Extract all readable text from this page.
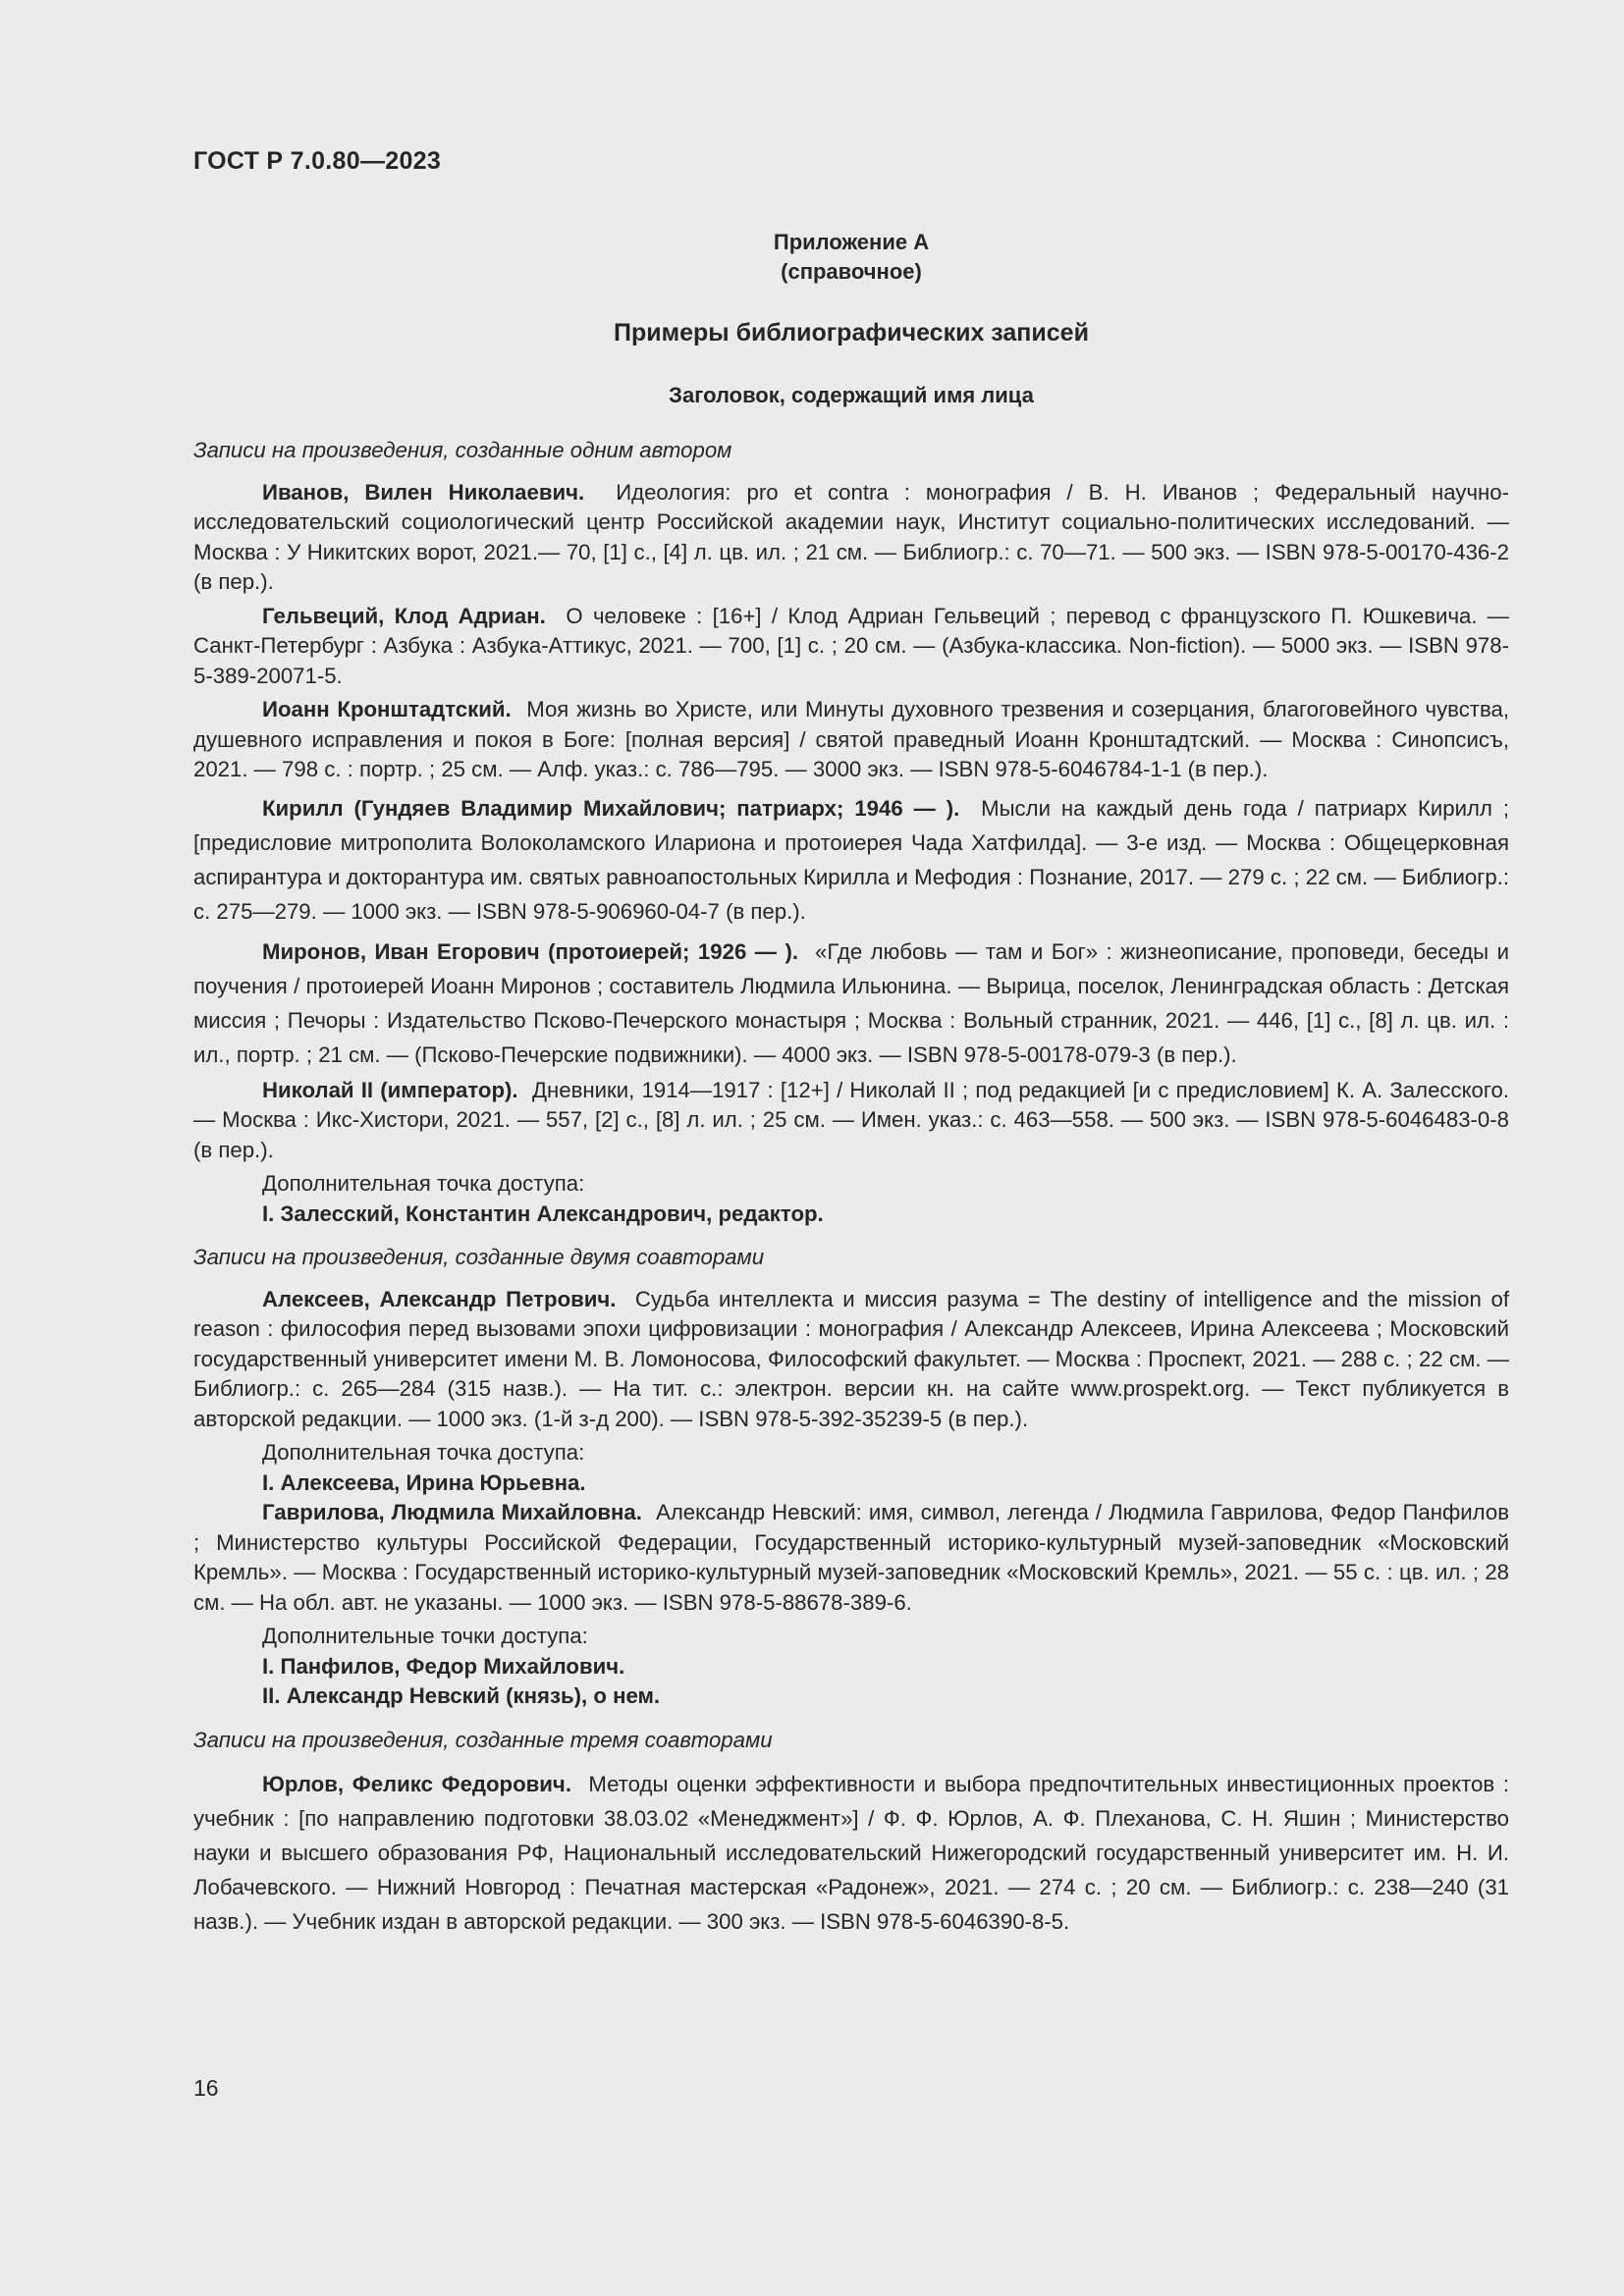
ГОСТ Р 7.0.80—2023
Приложение А
(справочное)
Примеры библиографических записей
Заголовок, содержащий имя лица
Записи на произведения, созданные одним автором
Иванов, Вилен Николаевич.  Идеология: pro et contra : монография / В. Н. Иванов ; Федеральный научно-исследовательский социологический центр Российской академии наук, Институт социально-политических исследований. — Москва : У Никитских ворот, 2021.— 70, [1] с., [4] л. цв. ил. ; 21 см. — Библиогр.: с. 70—71. — 500 экз. — ISBN 978-5-00170-436-2 (в пер.).
Гельвеций, Клод Адриан.  О человеке : [16+] / Клод Адриан Гельвеций ; перевод с французского П. Юшкевича. — Санкт-Петербург : Азбука : Азбука-Аттикус, 2021. — 700, [1] с. ; 20 см. — (Азбука-классика. Non-fiction). — 5000 экз. — ISBN 978-5-389-20071-5.
Иоанн Кронштадтский.  Моя жизнь во Христе, или Минуты духовного трезвения и созерцания, благоговейного чувства, душевного исправления и покоя в Боге: [полная версия] / святой праведный Иоанн Кронштадтский. — Москва : Синопсисъ, 2021. — 798 с. : портр. ; 25 см. — Алф. указ.: с. 786—795. — 3000 экз. — ISBN 978-5-6046784-1-1 (в пер.).
Кирилл (Гундяев Владимир Михайлович; патриарх; 1946 — ).  Мысли на каждый день года / патриарх Кирилл ; [предисловие митрополита Волоколамского Илариона и протоиерея Чада Хатфилда]. — 3-е изд. — Москва : Общецерковная аспирантура и докторантура им. святых равноапостольных Кирилла и Мефодия : Познание, 2017. — 279 с. ; 22 см. — Библиогр.: с. 275—279. — 1000 экз. — ISBN 978-5-906960-04-7 (в пер.).
Миронов, Иван Егорович (протоиерей; 1926 — ).  «Где любовь — там и Бог» : жизнеописание, проповеди, беседы и поучения / протоиерей Иоанн Миронов ; составитель Людмила Ильюнина. — Вырица, поселок, Ленинградская область : Детская миссия ; Печоры : Издательство Псково-Печерского монастыря ; Москва : Вольный странник, 2021. — 446, [1] с., [8] л. цв. ил. : ил., портр. ; 21 см. — (Псково-Печерские подвижники). — 4000 экз. — ISBN 978-5-00178-079-3 (в пер.).
Николай II (император).  Дневники, 1914—1917 : [12+] / Николай II ; под редакцией [и с предисловием] К. А. Залесского. — Москва : Икс-Хистори, 2021. — 557, [2] с., [8] л. ил. ; 25 см. — Имен. указ.: с. 463—558. — 500 экз. — ISBN 978-5-6046483-0-8 (в пер.).
Дополнительная точка доступа:
I. Залесский, Константин Александрович, редактор.
Записи на произведения, созданные двумя соавторами
Алексеев, Александр Петрович.  Судьба интеллекта и миссия разума = The destiny of intelligence and the mission of reason : философия перед вызовами эпохи цифровизации : монография / Александр Алексеев, Ирина Алексеева ; Московский государственный университет имени М. В. Ломоносова, Философский факультет. — Москва : Проспект, 2021. — 288 с. ; 22 см. — Библиогр.: с. 265—284 (315 назв.). — На тит. с.: электрон. версии кн. на сайте www.prospekt.org. — Текст публикуется в авторской редакции. — 1000 экз. (1-й з-д 200). — ISBN 978-5-392-35239-5 (в пер.).
Дополнительная точка доступа:
I. Алексеева, Ирина Юрьевна.
Гаврилова, Людмила Михайловна.  Александр Невский: имя, символ, легенда / Людмила Гаврилова, Федор Панфилов ; Министерство культуры Российской Федерации, Государственный историко-культурный музей-заповедник «Московский Кремль». — Москва : Государственный историко-культурный музей-заповедник «Московский Кремль», 2021. — 55 с. : цв. ил. ; 28 см. — На обл. авт. не указаны. — 1000 экз. — ISBN 978-5-88678-389-6.
Дополнительные точки доступа:
I. Панфилов, Федор Михайлович.
II. Александр Невский (князь), о нем.
Записи на произведения, созданные тремя соавторами
Юрлов, Феликс Федорович.  Методы оценки эффективности и выбора предпочтительных инвестиционных проектов : учебник : [по направлению подготовки 38.03.02 «Менеджмент»] / Ф. Ф. Юрлов, А. Ф. Плеханова, С. Н. Яшин ; Министерство науки и высшего образования РФ, Национальный исследовательский Нижегородский государственный университет им. Н. И. Лобачевского. — Нижний Новгород : Печатная мастерская «Радонеж», 2021. — 274 с. ; 20 см. — Библиогр.: с. 238—240 (31 назв.). — Учебник издан в авторской редакции. — 300 экз. — ISBN 978-5-6046390-8-5.
16
